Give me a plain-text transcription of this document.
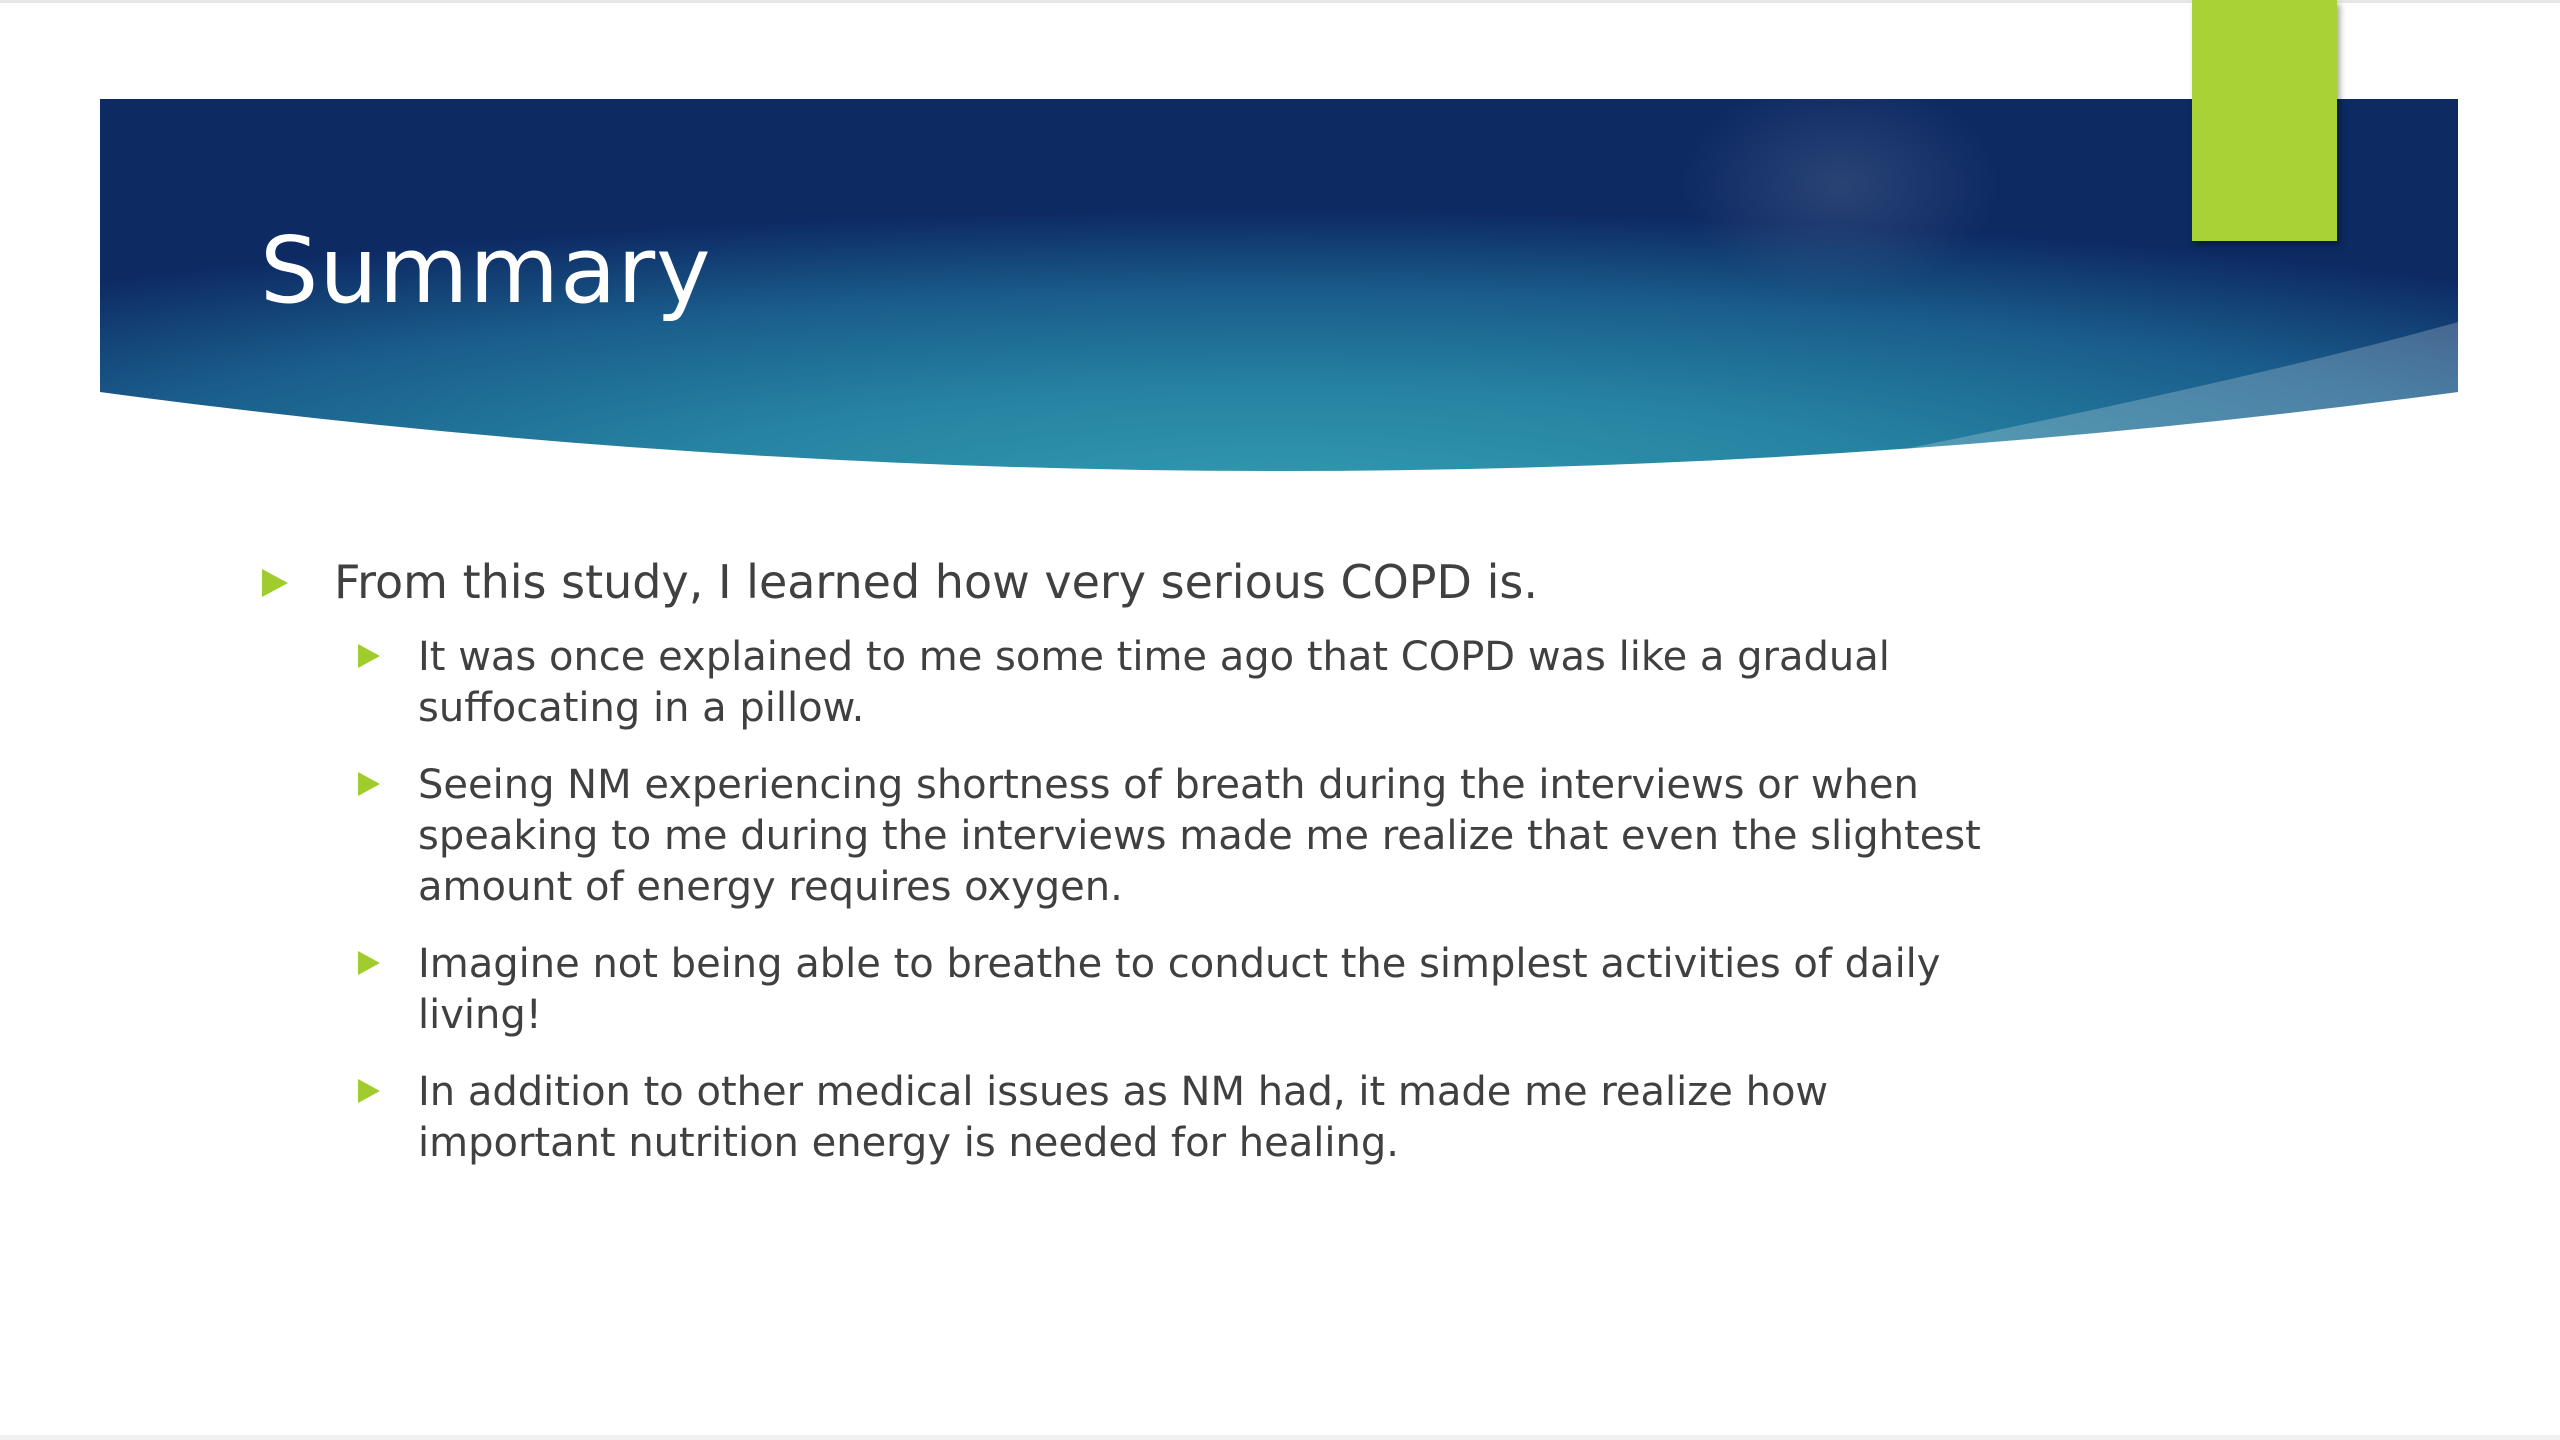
Summary
From this study, I learned how very serious COPD is.
It was once explained to me some time ago that COPD was like a gradual suffocating in a pillow.
Seeing NM experiencing shortness of breath during the interviews or when speaking to me during the interviews made me realize that even the slightest amount of energy requires oxygen.
Imagine not being able to breathe to conduct the simplest activities of daily living!
In addition to other medical issues as NM had, it made me realize how important nutrition energy is needed for healing.
